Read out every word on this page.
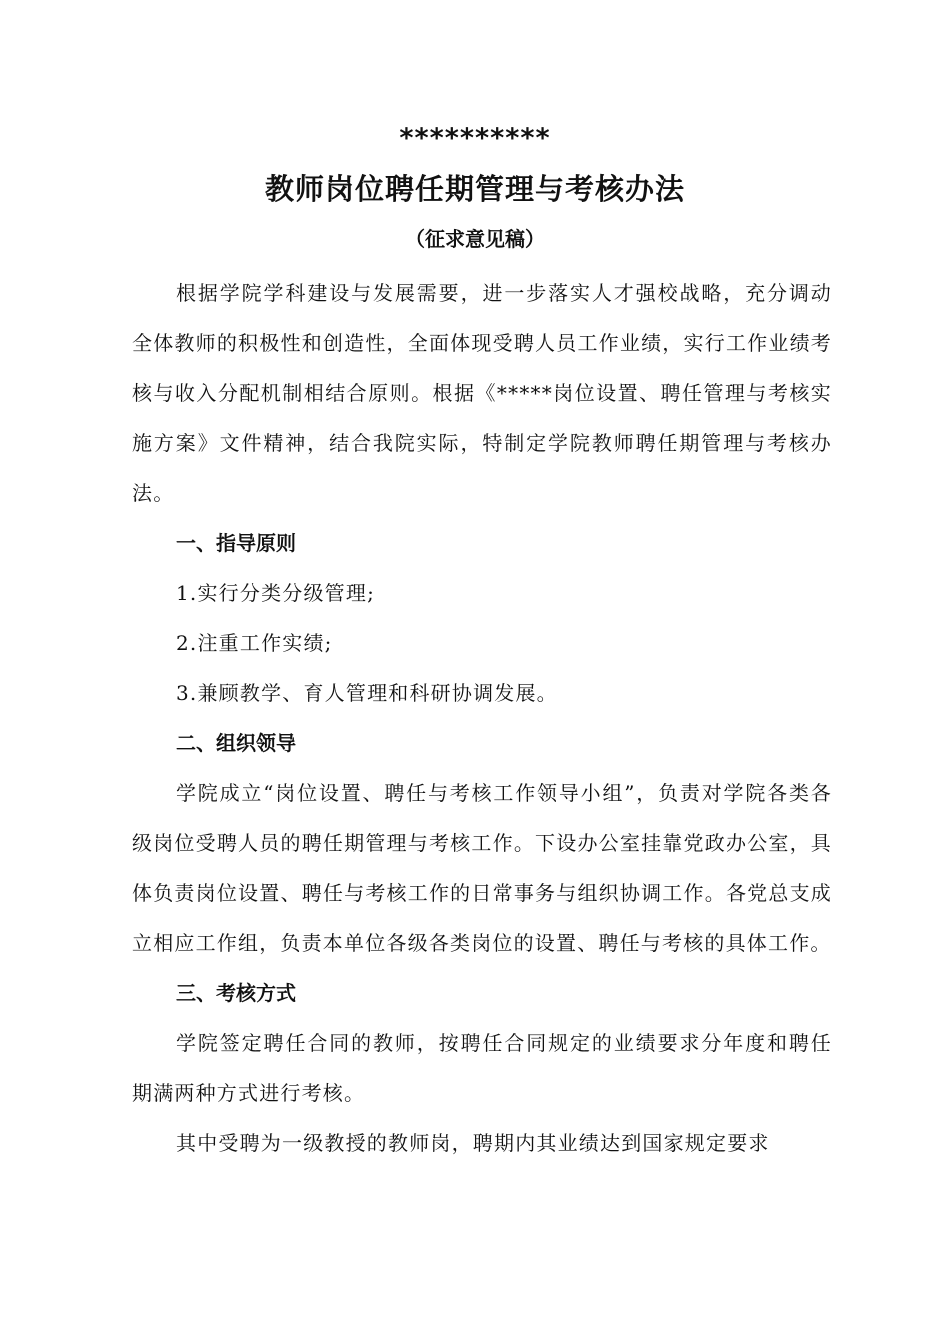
**********
教师岗位聘任期管理与考核办法
（征求意见稿）

根据学院学科建设与发展需要，进一步落实人才强校战略，充分调动全体教师的积极性和创造性，全面体现受聘人员工作业绩，实行工作业绩考核与收入分配机制相结合原则。根据《*****岗位设置、聘任管理与考核实施方案》文件精神，结合我院实际，特制定学院教师聘任期管理与考核办法。

一、指导原则

1.实行分类分级管理;

2.注重工作实绩;

3.兼顾教学、育人管理和科研协调发展。

二、组织领导

学院成立“岗位设置、聘任与考核工作领导小组”，负责对学院各类各级岗位受聘人员的聘任期管理与考核工作。下设办公室挂靠党政办公室，具体负责岗位设置、聘任与考核工作的日常事务与组织协调工作。各党总支成立相应工作组，负责本单位各级各类岗位的设置、聘任与考核的具体工作。

三、考核方式

学院签定聘任合同的教师，按聘任合同规定的业绩要求分年度和聘任期满两种方式进行考核。

其中受聘为一级教授的教师岗，聘期内其业绩达到国家规定要求
